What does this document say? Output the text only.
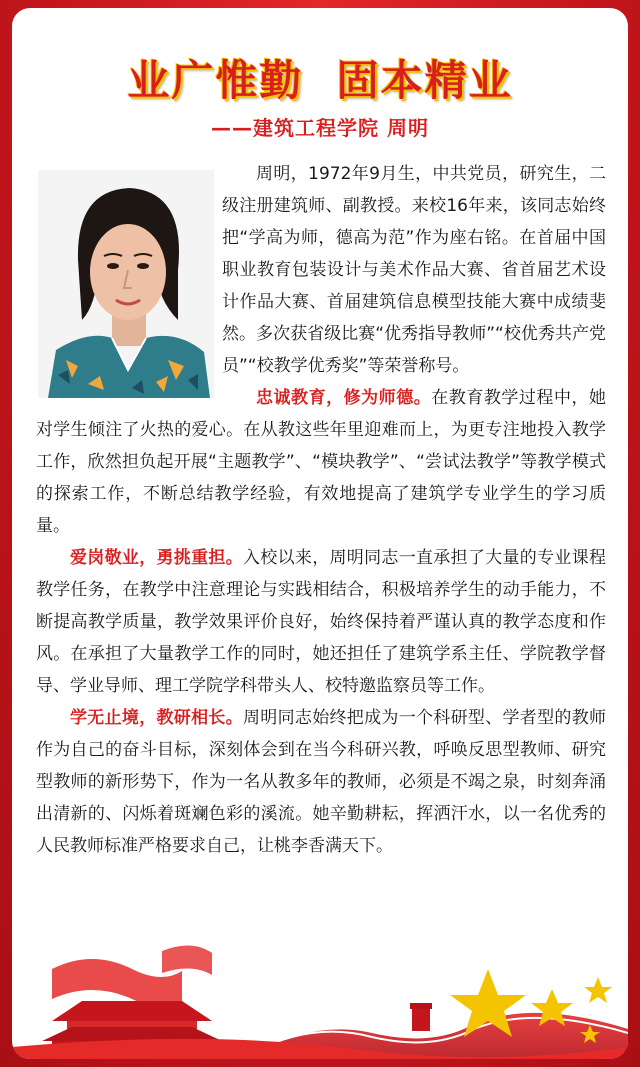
业广惟勤  固本精业
——建筑工程学院 周明

周明，1972年9月生，中共党员，研究生，二级注册建筑师、副教授。来校16年来，该同志始终把“学高为师，德高为范”作为座右铭。在首届中国职业教育包装设计与美术作品大赛、省首届艺术设计作品大赛、首届建筑信息模型技能大赛中成绩斐然。多次获省级比赛“优秀指导教师”“校优秀共产党员”“校教学优秀奖”等荣誉称号。

忠诚教育，修为师德。在教育教学过程中，她对学生倾注了火热的爱心。在从教这些年里迎难而上，为更专注地投入教学工作，欣然担负起开展“主题教学”、“模块教学”、“尝试法教学”等教学模式的探索工作，不断总结教学经验，有效地提高了建筑学专业学生的学习质量。

爱岗敬业，勇挑重担。入校以来，周明同志一直承担了大量的专业课程教学任务，在教学中注意理论与实践相结合，积极培养学生的动手能力，不断提高教学质量，教学效果评价良好，始终保持着严谨认真的教学态度和作风。在承担了大量教学工作的同时，她还担任了建筑学系主任、学院教学督导、学业导师、理工学院学科带头人、校特邀监察员等工作。

学无止境，教研相长。周明同志始终把成为一个科研型、学者型的教师作为自己的奋斗目标，深刻体会到在当今科研兴教，呼唤反思型教师、研究型教师的新形势下，作为一名从教多年的教师，必须是不竭之泉，时刻奔涌出清新的、闪烁着斑斓色彩的溪流。她辛勤耕耘，挥洒汗水，以一名优秀的人民教师标准严格要求自己，让桃李香满天下。
